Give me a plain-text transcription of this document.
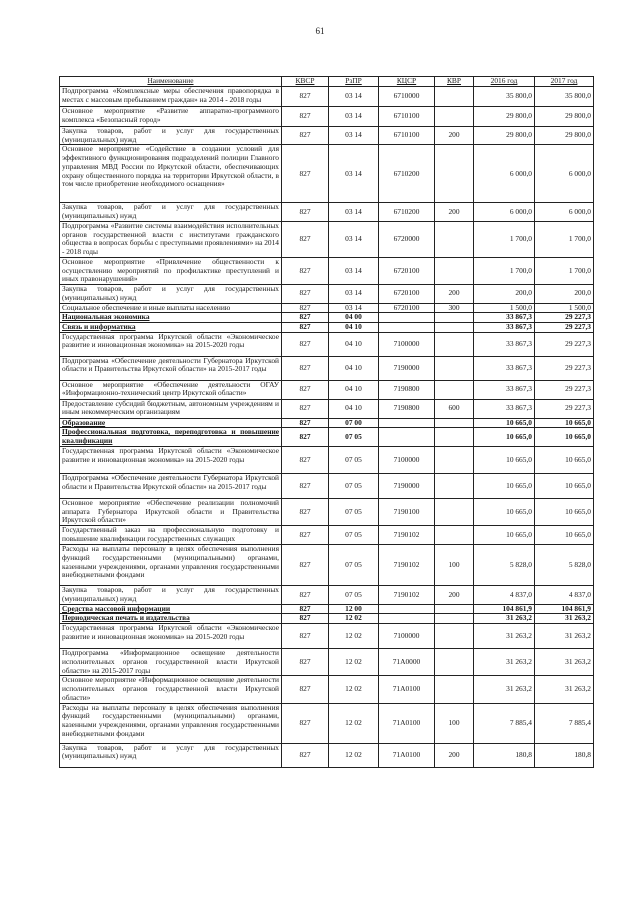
61
Наименование	КВСР	РзПР	КЦСР	КВР	2016 год	2017 год
Подпрограмма «Комплексные меры обеспечения правопорядка в местах с массовым пребыванием граждан» на 2014 - 2018 годы	827	03 14	6710000		35 800,0	35 800,0
Основное мероприятие «Развитие аппаратно-программного комплекса «Безопасный город»	827	03 14	6710100		29 800,0	29 800,0
Закупка товаров, работ и услуг для государственных (муниципальных) нужд	827	03 14	6710100	200	29 800,0	29 800,0
Основное мероприятие «Содействие в создании условий для эффективного функционирования подразделений полиции Главного управления МВД России по Иркутской области, обеспечивающих охрану общественного порядка на территории Иркутской области, в том числе приобретение необходимого оснащения»	827	03 14	6710200		6 000,0	6 000,0
Закупка товаров, работ и услуг для государственных (муниципальных) нужд	827	03 14	6710200	200	6 000,0	6 000,0
Подпрограмма «Развитие системы взаимодействия исполнительных органов государственной власти с институтами гражданского общества в вопросах борьбы с преступными проявлениями» на 2014 - 2018 годы	827	03 14	6720000		1 700,0	1 700,0
Основное мероприятие «Привлечение общественности к осуществлению мероприятий по профилактике преступлений и иных правонарушений»	827	03 14	6720100		1 700,0	1 700,0
Закупка товаров, работ и услуг для государственных (муниципальных) нужд	827	03 14	6720100	200	200,0	200,0
Социальное обеспечение и иные выплаты населению	827	03 14	6720100	300	1 500,0	1 500,0
Национальная экономика	827	04 00			33 867,3	29 227,3
Связь и информатика	827	04 10			33 867,3	29 227,3
Государственная программа Иркутской области «Экономическое развитие и инновационная экономика» на 2015-2020 годы	827	04 10	7100000		33 867,3	29 227,3
Подпрограмма «Обеспечение деятельности Губернатора Иркутской области и Правительства Иркутской области» на 2015-2017 годы	827	04 10	7190000		33 867,3	29 227,3
Основное мероприятие «Обеспечение деятельности ОГАУ «Информационно-технический центр Иркутской области»	827	04 10	7190800		33 867,3	29 227,3
Предоставление субсидий бюджетным, автономным учреждениям и иным некоммерческим организациям	827	04 10	7190800	600	33 867,3	29 227,3
Образование	827	07 00			10 665,0	10 665,0
Профессиональная подготовка, переподготовка и повышение квалификации	827	07 05			10 665,0	10 665,0
Государственная программа Иркутской области «Экономическое развитие и инновационная экономика» на 2015-2020 годы	827	07 05	7100000		10 665,0	10 665,0
Подпрограмма «Обеспечение деятельности Губернатора Иркутской области и Правительства Иркутской области» на 2015-2017 годы	827	07 05	7190000		10 665,0	10 665,0
Основное мероприятие «Обеспечение реализации полномочий аппарата Губернатора Иркутской области и Правительства Иркутской области»	827	07 05	7190100		10 665,0	10 665,0
Государственный заказ на профессиональную подготовку и повышение квалификации государственных служащих	827	07 05	7190102		10 665,0	10 665,0
Расходы на выплаты персоналу в целях обеспечения выполнения функций государственными (муниципальными) органами, казенными учреждениями, органами управления государственными внебюджетными фондами	827	07 05	7190102	100	5 828,0	5 828,0
Закупка товаров, работ и услуг для государственных (муниципальных) нужд	827	07 05	7190102	200	4 837,0	4 837,0
Средства массовой информации	827	12 00			104 861,9	104 861,9
Периодическая печать и издательства	827	12 02			31 263,2	31 263,2
Государственная программа Иркутской области «Экономическое развитие и инновационная экономика» на 2015-2020 годы	827	12 02	7100000		31 263,2	31 263,2
Подпрограмма «Информационное освещение деятельности исполнительных органов государственной власти Иркутской области» на 2015-2017 годы	827	12 02	71А0000		31 263,2	31 263,2
Основное мероприятие «Информационное освещение деятельности исполнительных органов государственной власти Иркутской области»	827	12 02	71А0100		31 263,2	31 263,2
Расходы на выплаты персоналу в целях обеспечения выполнения функций государственными (муниципальными) органами, казенными учреждениями, органами управления государственными внебюджетными фондами	827	12 02	71А0100	100	7 885,4	7 885,4
Закупка товаров, работ и услуг для государственных (муниципальных) нужд	827	12 02	71А0100	200	180,8	180,8
